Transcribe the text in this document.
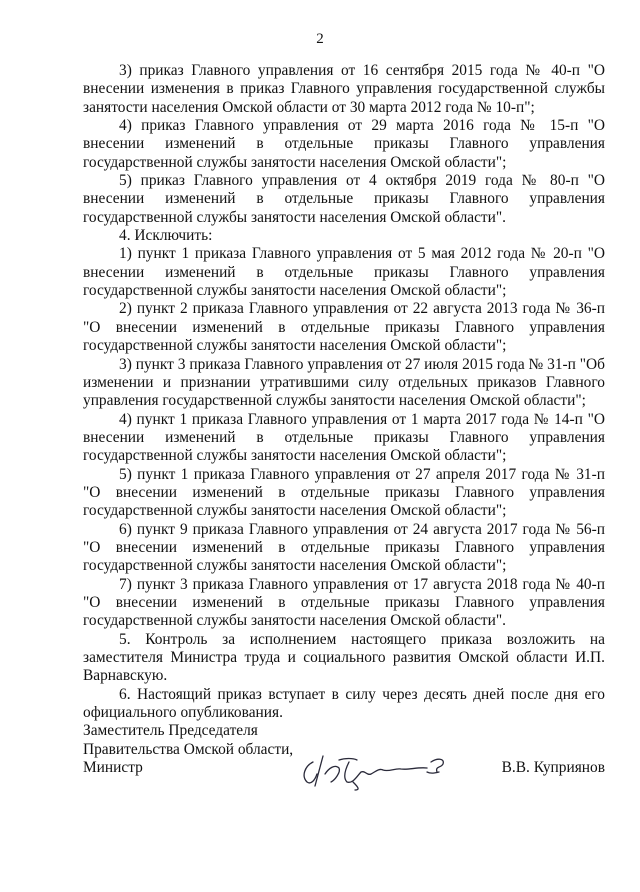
2

3) приказ Главного управления от 16 сентября 2015 года № 40-п "О внесении изменения в приказ Главного управления государственной службы занятости населения Омской области от 30 марта 2012 года № 10-п";

4) приказ Главного управления от 29 марта 2016 года № 15-п "О внесении изменений в отдельные приказы Главного управления государственной службы занятости населения Омской области";

5) приказ Главного управления от 4 октября 2019 года № 80-п "О внесении изменений в отдельные приказы Главного управления государственной службы занятости населения Омской области".

4. Исключить:

1) пункт 1 приказа Главного управления от 5 мая 2012 года № 20-п "О внесении изменений в отдельные приказы Главного управления государственной службы занятости населения Омской области";

2) пункт 2 приказа Главного управления от 22 августа 2013 года № 36-п "О внесении изменений в отдельные приказы Главного управления государственной службы занятости населения Омской области";

3) пункт 3 приказа Главного управления от 27 июля 2015 года № 31-п "Об изменении и признании утратившими силу отдельных приказов Главного управления государственной службы занятости населения Омской области";

4) пункт 1 приказа Главного управления от 1 марта 2017 года № 14-п "О внесении изменений в отдельные приказы Главного управления государственной службы занятости населения Омской области";

5) пункт 1 приказа Главного управления от 27 апреля 2017 года № 31-п "О внесении изменений в отдельные приказы Главного управления государственной службы занятости населения Омской области";

6) пункт 9 приказа Главного управления от 24 августа 2017 года № 56-п "О внесении изменений в отдельные приказы Главного управления государственной службы занятости населения Омской области";

7) пункт 3 приказа Главного управления от 17 августа 2018 года № 40-п "О внесении изменений в отдельные приказы Главного управления государственной службы занятости населения Омской области".

5. Контроль за исполнением настоящего приказа возложить на заместителя Министра труда и социального развития Омской области И.П. Варнавскую.

6. Настоящий приказ вступает в силу через десять дней после дня его официального опубликования.

Заместитель Председателя
Правительства Омской области,
Министр	В.В. Куприянов
